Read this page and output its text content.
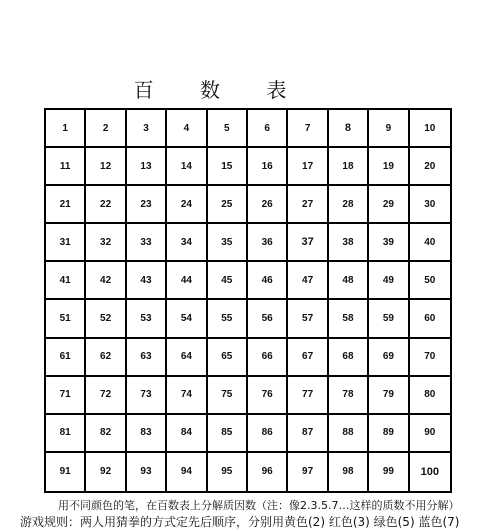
百 数 表
1	2	3	4	5	6	7	8	9	10
11	12	13	14	15	16	17	18	19	20
21	22	23	24	25	26	27	28	29	30
31	32	33	34	35	36	37	38	39	40
41	42	43	44	45	46	47	48	49	50
51	52	53	54	55	56	57	58	59	60
61	62	63	64	65	66	67	68	69	70
71	72	73	74	75	76	77	78	79	80
81	82	83	84	85	86	87	88	89	90
91	92	93	94	95	96	97	98	99	100
用不同颜色的笔，在百数表上分解质因数（注：像2.3.5.7…这样的质数不用分解）
游戏规则：两人用猜拳的方式定先后顺序，分别用黄色(2) 红色(3) 绿色(5) 蓝色(7)
